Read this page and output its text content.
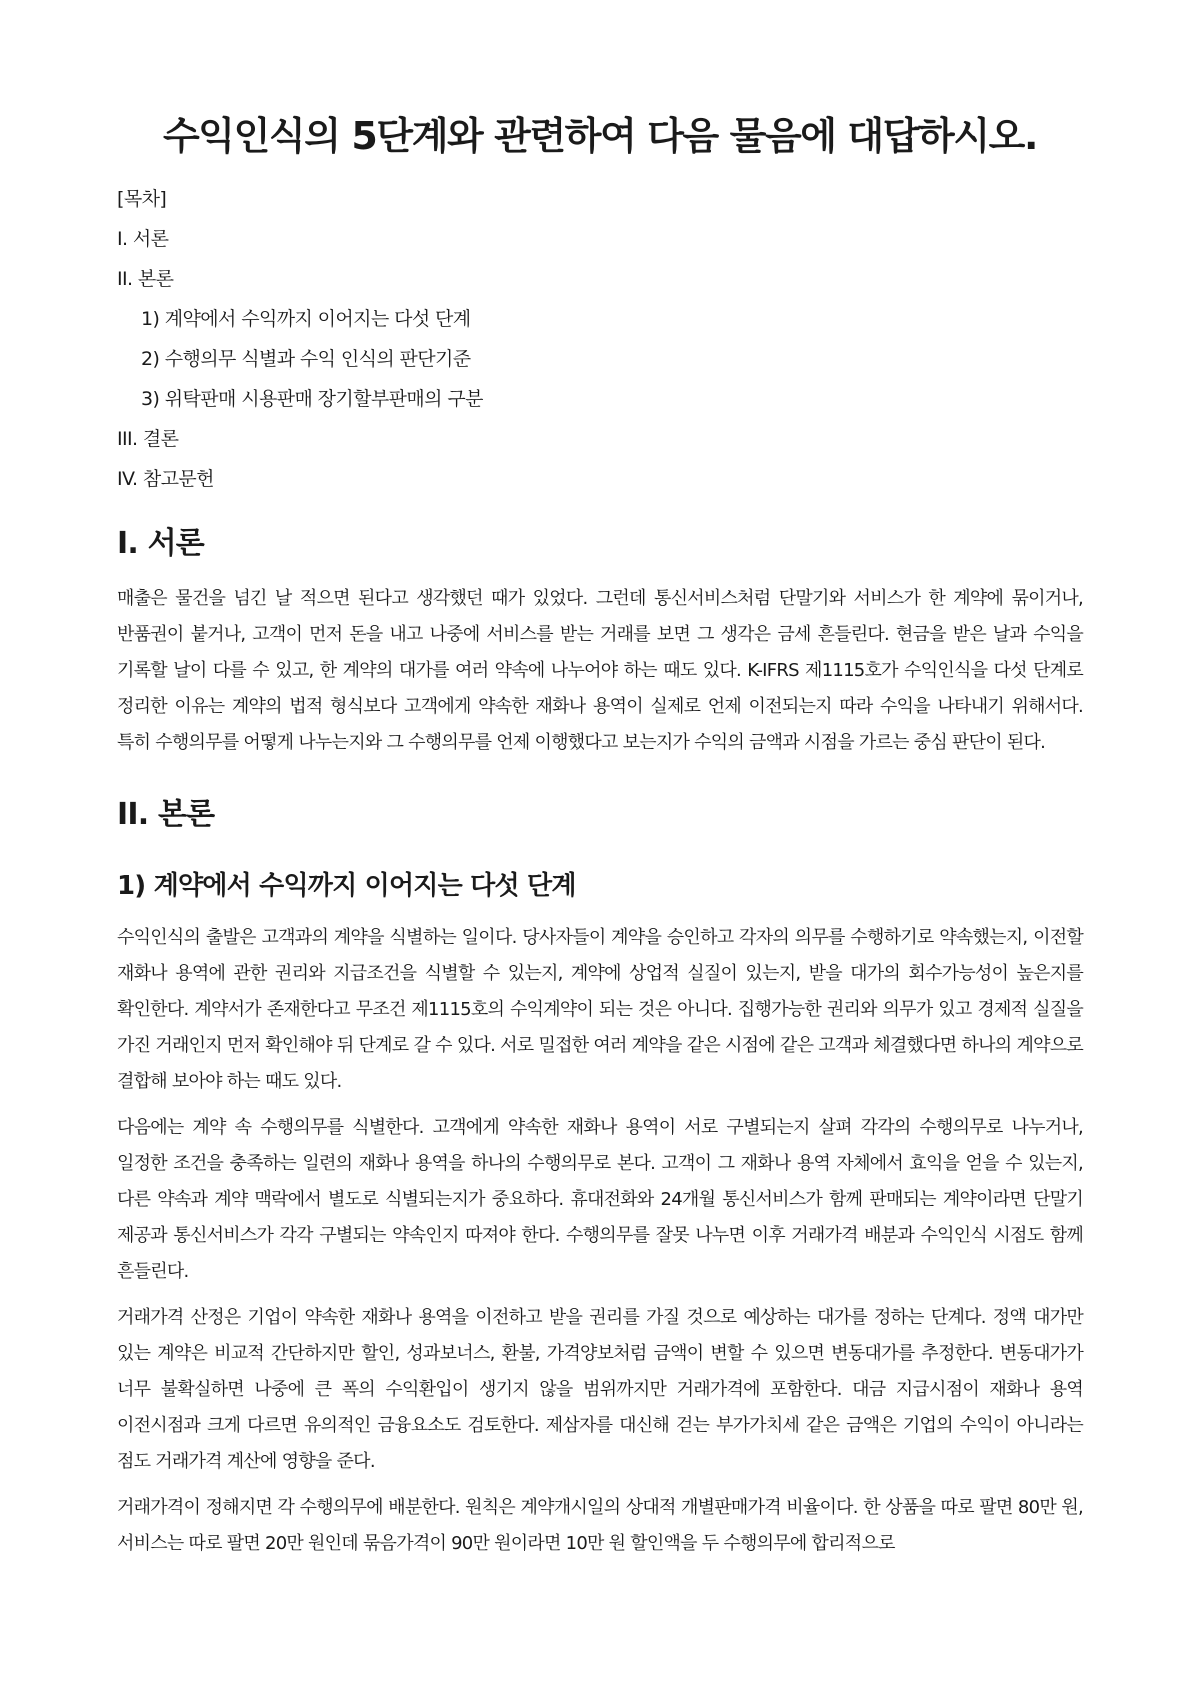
수익인식의 5단계와 관련하여 다음 물음에 대답하시오.
[목차]
I. 서론
II. 본론
1) 계약에서 수익까지 이어지는 다섯 단계
2) 수행의무 식별과 수익 인식의 판단기준
3) 위탁판매 시용판매 장기할부판매의 구분
III. 결론
IV. 참고문헌
I. 서론

매출은 물건을 넘긴 날 적으면 된다고 생각했던 때가 있었다. 그런데 통신서비스처럼 단말기와 서비스가 한 계약에 묶이거나, 반품권이 붙거나, 고객이 먼저 돈을 내고 나중에 서비스를 받는 거래를 보면 그 생각은 금세 흔들린다. 현금을 받은 날과 수익을 기록할 날이 다를 수 있고, 한 계약의 대가를 여러 약속에 나누어야 하는 때도 있다. K-IFRS 제1115호가 수익인식을 다섯 단계로 정리한 이유는 계약의 법적 형식보다 고객에게 약속한 재화나 용역이 실제로 언제 이전되는지 따라 수익을 나타내기 위해서다. 특히 수행의무를 어떻게 나누는지와 그 수행의무를 언제 이행했다고 보는지가 수익의 금액과 시점을 가르는 중심 판단이 된다.

II. 본론
1) 계약에서 수익까지 이어지는 다섯 단계

수익인식의 출발은 고객과의 계약을 식별하는 일이다. 당사자들이 계약을 승인하고 각자의 의무를 수행하기로 약속했는지, 이전할 재화나 용역에 관한 권리와 지급조건을 식별할 수 있는지, 계약에 상업적 실질이 있는지, 받을 대가의 회수가능성이 높은지를 확인한다. 계약서가 존재한다고 무조건 제1115호의 수익계약이 되는 것은 아니다. 집행가능한 권리와 의무가 있고 경제적 실질을 가진 거래인지 먼저 확인해야 뒤 단계로 갈 수 있다. 서로 밀접한 여러 계약을 같은 시점에 같은 고객과 체결했다면 하나의 계약으로 결합해 보아야 하는 때도 있다.

다음에는 계약 속 수행의무를 식별한다. 고객에게 약속한 재화나 용역이 서로 구별되는지 살펴 각각의 수행의무로 나누거나, 일정한 조건을 충족하는 일련의 재화나 용역을 하나의 수행의무로 본다. 고객이 그 재화나 용역 자체에서 효익을 얻을 수 있는지, 다른 약속과 계약 맥락에서 별도로 식별되는지가 중요하다. 휴대전화와 24개월 통신서비스가 함께 판매되는 계약이라면 단말기 제공과 통신서비스가 각각 구별되는 약속인지 따져야 한다. 수행의무를 잘못 나누면 이후 거래가격 배분과 수익인식 시점도 함께 흔들린다.

거래가격 산정은 기업이 약속한 재화나 용역을 이전하고 받을 권리를 가질 것으로 예상하는 대가를 정하는 단계다. 정액 대가만 있는 계약은 비교적 간단하지만 할인, 성과보너스, 환불, 가격양보처럼 금액이 변할 수 있으면 변동대가를 추정한다. 변동대가가 너무 불확실하면 나중에 큰 폭의 수익환입이 생기지 않을 범위까지만 거래가격에 포함한다. 대금 지급시점이 재화나 용역 이전시점과 크게 다르면 유의적인 금융요소도 검토한다. 제삼자를 대신해 걷는 부가가치세 같은 금액은 기업의 수익이 아니라는 점도 거래가격 계산에 영향을 준다.

거래가격이 정해지면 각 수행의무에 배분한다. 원칙은 계약개시일의 상대적 개별판매가격 비율이다. 한 상품을 따로 팔면 80만 원, 서비스는 따로 팔면 20만 원인데 묶음가격이 90만 원이라면 10만 원 할인액을 두 수행의무에 합리적으로
